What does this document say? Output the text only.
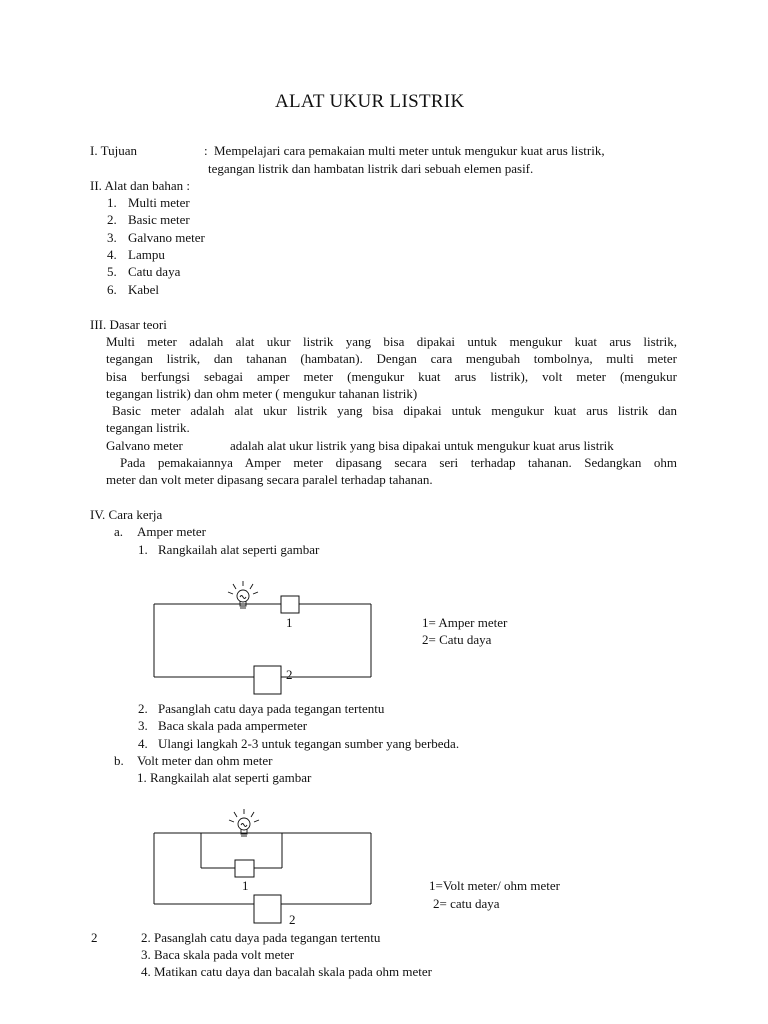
ALAT UKUR LISTRIK
I. Tujuan	: Mempelajari cara pemakaian multi meter untuk mengukur kuat arus listrik,
tegangan listrik dan hambatan listrik dari sebuah elemen pasif.
II. Alat dan bahan :
1. Multi meter
2. Basic meter
3. Galvano meter
4. Lampu
5. Catu daya
6. Kabel
III. Dasar teori
Multi meter adalah alat ukur listrik yang bisa dipakai untuk mengukur kuat arus listrik,
tegangan listrik, dan tahanan (hambatan). Dengan cara mengubah tombolnya, multi meter
bisa berfungsi sebagai amper meter (mengukur kuat arus listrik), volt meter (mengukur
tegangan listrik) dan ohm meter ( mengukur tahanan listrik)
Basic meter adalah alat ukur listrik yang bisa dipakai untuk mengukur kuat arus listrik dan
tegangan listrik.
Galvano meter	adalah alat ukur listrik yang bisa dipakai untuk mengukur kuat arus listrik
Pada pemakaiannya Amper meter dipasang secara seri terhadap tahanan. Sedangkan ohm
meter dan volt meter dipasang secara paralel terhadap tahanan.
IV. Cara kerja
a. Amper meter
1. Rangkailah alat seperti gambar
1
2
1= Amper meter
2= Catu daya
2. Pasanglah catu daya pada tegangan tertentu
3. Baca skala pada ampermeter
4. Ulangi langkah 2-3 untuk tegangan sumber yang berbeda.
b. Volt meter dan ohm meter
1. Rangkailah alat seperti gambar
1
2
1=Volt meter/ ohm meter
2= catu daya
2	2. Pasanglah catu daya pada tegangan tertentu
3. Baca skala pada volt meter
4. Matikan catu daya dan bacalah skala pada ohm meter
